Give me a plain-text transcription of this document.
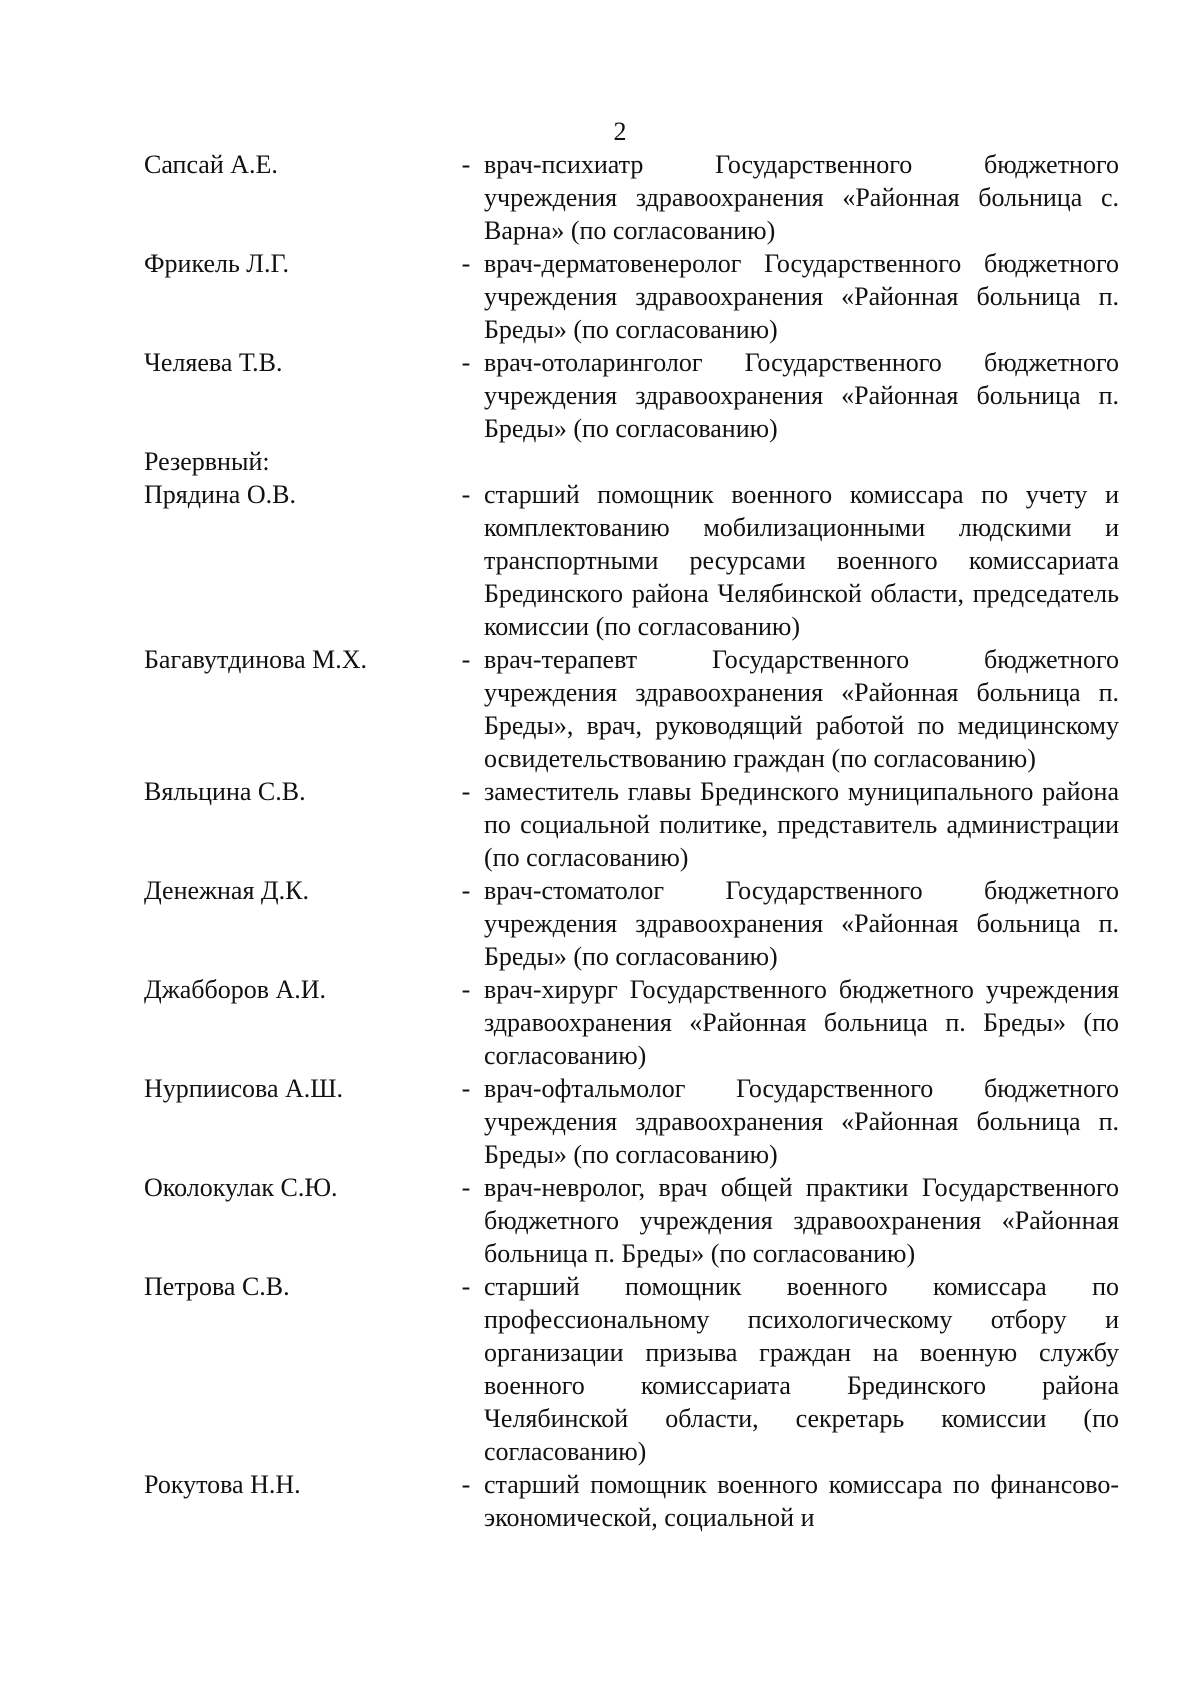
2
Сапсай А.Е.	- врач-психиатр Государственного бюджетного учреждения здравоохранения «Районная больница с. Варна» (по согласованию)
Фрикель Л.Г.	- врач-дерматовенеролог Государственного бюджетного учреждения здравоохранения «Районная больница п. Бреды» (по согласованию)
Челяева Т.В.	- врач-отоларинголог Государственного бюджетного учреждения здравоохранения «Районная больница п. Бреды» (по согласованию)
Резервный:
Прядина О.В.	- старший помощник военного комиссара по учету и комплектованию мобилизационными людскими и транспортными ресурсами военного комиссариата Брединского района Челябинской области, председатель комиссии (по согласованию)
Багавутдинова М.Х.	- врач-терапевт Государственного бюджетного учреждения здравоохранения «Районная больница п. Бреды», врач, руководящий работой по медицинскому освидетельствованию граждан (по согласованию)
Вяльцина С.В.	- заместитель главы Брединского муниципального района по социальной политике, представитель администрации (по согласованию)
Денежная Д.К.	- врач-стоматолог Государственного бюджетного учреждения здравоохранения «Районная больница п. Бреды» (по согласованию)
Джабборов А.И.	- врач-хирург Государственного бюджетного учреждения здравоохранения «Районная больница п. Бреды» (по согласованию)
Нурпиисова А.Ш.	- врач-офтальмолог Государственного бюджетного учреждения здравоохранения «Районная больница п. Бреды» (по согласованию)
Околокулак С.Ю.	- врач-невролог, врач общей практики Государственного бюджетного учреждения здравоохранения «Районная больница п. Бреды» (по согласованию)
Петрова С.В.	- старший помощник военного комиссара по профессиональному психологическому отбору и организации призыва граждан на военную службу военного комиссариата Брединского района Челябинской области, секретарь комиссии (по согласованию)
Рокутова Н.Н.	- старший помощник военного комиссара по финансово-экономической, социальной и
